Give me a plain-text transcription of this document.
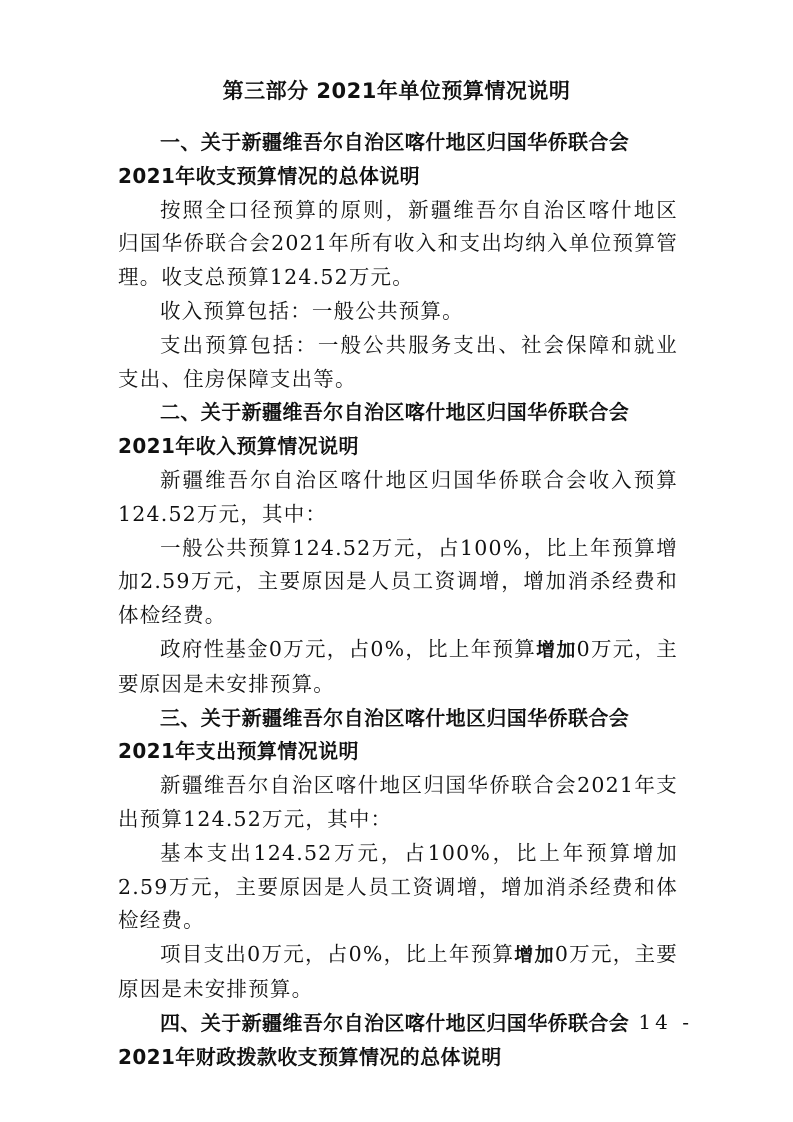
第三部分 2021年单位预算情况说明

一、关于新疆维吾尔自治区喀什地区归国华侨联合会
2021年收支预算情况的总体说明

按照全口径预算的原则，新疆维吾尔自治区喀什地区归国华侨联合会2021年所有收入和支出均纳入单位预算管理。收支总预算124.52万元。

收入预算包括：一般公共预算。

支出预算包括：一般公共服务支出、社会保障和就业支出、住房保障支出等。

二、关于新疆维吾尔自治区喀什地区归国华侨联合会
2021年收入预算情况说明

新疆维吾尔自治区喀什地区归国华侨联合会收入预算124.52万元，其中：

一般公共预算124.52万元，占100%，比上年预算增加2.59万元，主要原因是人员工资调增，增加消杀经费和体检经费。

政府性基金0万元，占0%，比上年预算增加0万元，主要原因是未安排预算。

三、关于新疆维吾尔自治区喀什地区归国华侨联合会
2021年支出预算情况说明

新疆维吾尔自治区喀什地区归国华侨联合会2021年支出预算124.52万元，其中：

基本支出124.52万元，占100%，比上年预算增加2.59万元，主要原因是人员工资调增，增加消杀经费和体检经费。

项目支出0万元，占0%，比上年预算增加0万元，主要原因是未安排预算。

四、关于新疆维吾尔自治区喀什地区归国华侨联合会
2021年财政拨款收支预算情况的总体说明

- 14 -
